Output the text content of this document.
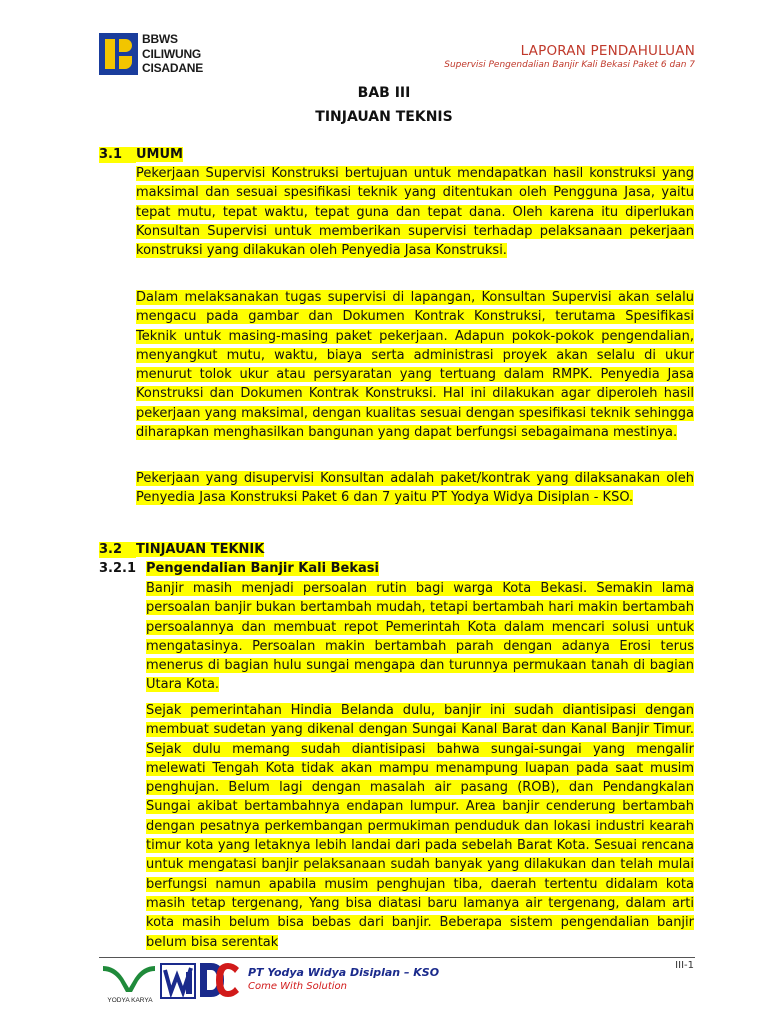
BBWS
CILIWUNG
CISADANE
LAPORAN PENDAHULUAN
Supervisi Pengendalian Banjir Kali Bekasi Paket 6 dan 7
BAB III
TINJAUAN TEKNIS
3.1 UMUM

Pekerjaan Supervisi Konstruksi bertujuan untuk mendapatkan hasil konstruksi yang maksimal dan sesuai spesifikasi teknik yang ditentukan oleh Pengguna Jasa, yaitu tepat mutu, tepat waktu, tepat guna dan tepat dana. Oleh karena itu diperlukan Konsultan Supervisi untuk memberikan supervisi terhadap pelaksanaan pekerjaan konstruksi yang dilakukan oleh Penyedia Jasa Konstruksi.

Dalam melaksanakan tugas supervisi di lapangan, Konsultan Supervisi akan selalu mengacu pada gambar dan Dokumen Kontrak Konstruksi, terutama Spesifikasi Teknik untuk masing-masing paket pekerjaan. Adapun pokok-pokok pengendalian, menyangkut mutu, waktu, biaya serta administrasi proyek akan selalu di ukur menurut tolok ukur atau persyaratan yang tertuang dalam RMPK. Penyedia Jasa Konstruksi dan Dokumen Kontrak Konstruksi. Hal ini dilakukan agar diperoleh hasil pekerjaan yang maksimal, dengan kualitas sesuai dengan spesifikasi teknik sehingga diharapkan menghasilkan bangunan yang dapat berfungsi sebagaimana mestinya.

Pekerjaan yang disupervisi Konsultan adalah paket/kontrak yang dilaksanakan oleh Penyedia Jasa Konstruksi Paket 6 dan 7 yaitu PT Yodya Widya Disiplan - KSO.

3.2 TINJAUAN TEKNIK
3.2.1 Pengendalian Banjir Kali Bekasi

Banjir masih menjadi persoalan rutin bagi warga Kota Bekasi. Semakin lama persoalan banjir bukan bertambah mudah, tetapi bertambah hari makin bertambah persoalannya dan membuat repot Pemerintah Kota dalam mencari solusi untuk mengatasinya. Persoalan makin bertambah parah dengan adanya Erosi terus menerus di bagian hulu sungai mengapa dan turunnya permukaan tanah di bagian Utara Kota.

Sejak pemerintahan Hindia Belanda dulu, banjir ini sudah diantisipasi dengan membuat sudetan yang dikenal dengan Sungai Kanal Barat dan Kanal Banjir Timur. Sejak dulu memang sudah diantisipasi bahwa sungai-sungai yang mengalir melewati Tengah Kota tidak akan mampu menampung luapan pada saat musim penghujan. Belum lagi dengan masalah air pasang (ROB), dan Pendangkalan Sungai akibat bertambahnya endapan lumpur. Area banjir cenderung bertambah dengan pesatnya perkembangan permukiman penduduk dan lokasi industri kearah timur kota yang letaknya lebih landai dari pada sebelah Barat Kota. Sesuai rencana untuk mengatasi banjir pelaksanaan sudah banyak yang dilakukan dan telah mulai berfungsi namun apabila musim penghujan tiba, daerah tertentu didalam kota masih tetap tergenang, Yang bisa diatasi baru lamanya air tergenang, dalam arti kota masih belum bisa bebas dari banjir. Beberapa sistem pengendalian banjir belum bisa serentak

YODYA KARYA
PT Yodya Widya Disiplan – KSO
Come With Solution
III-1
